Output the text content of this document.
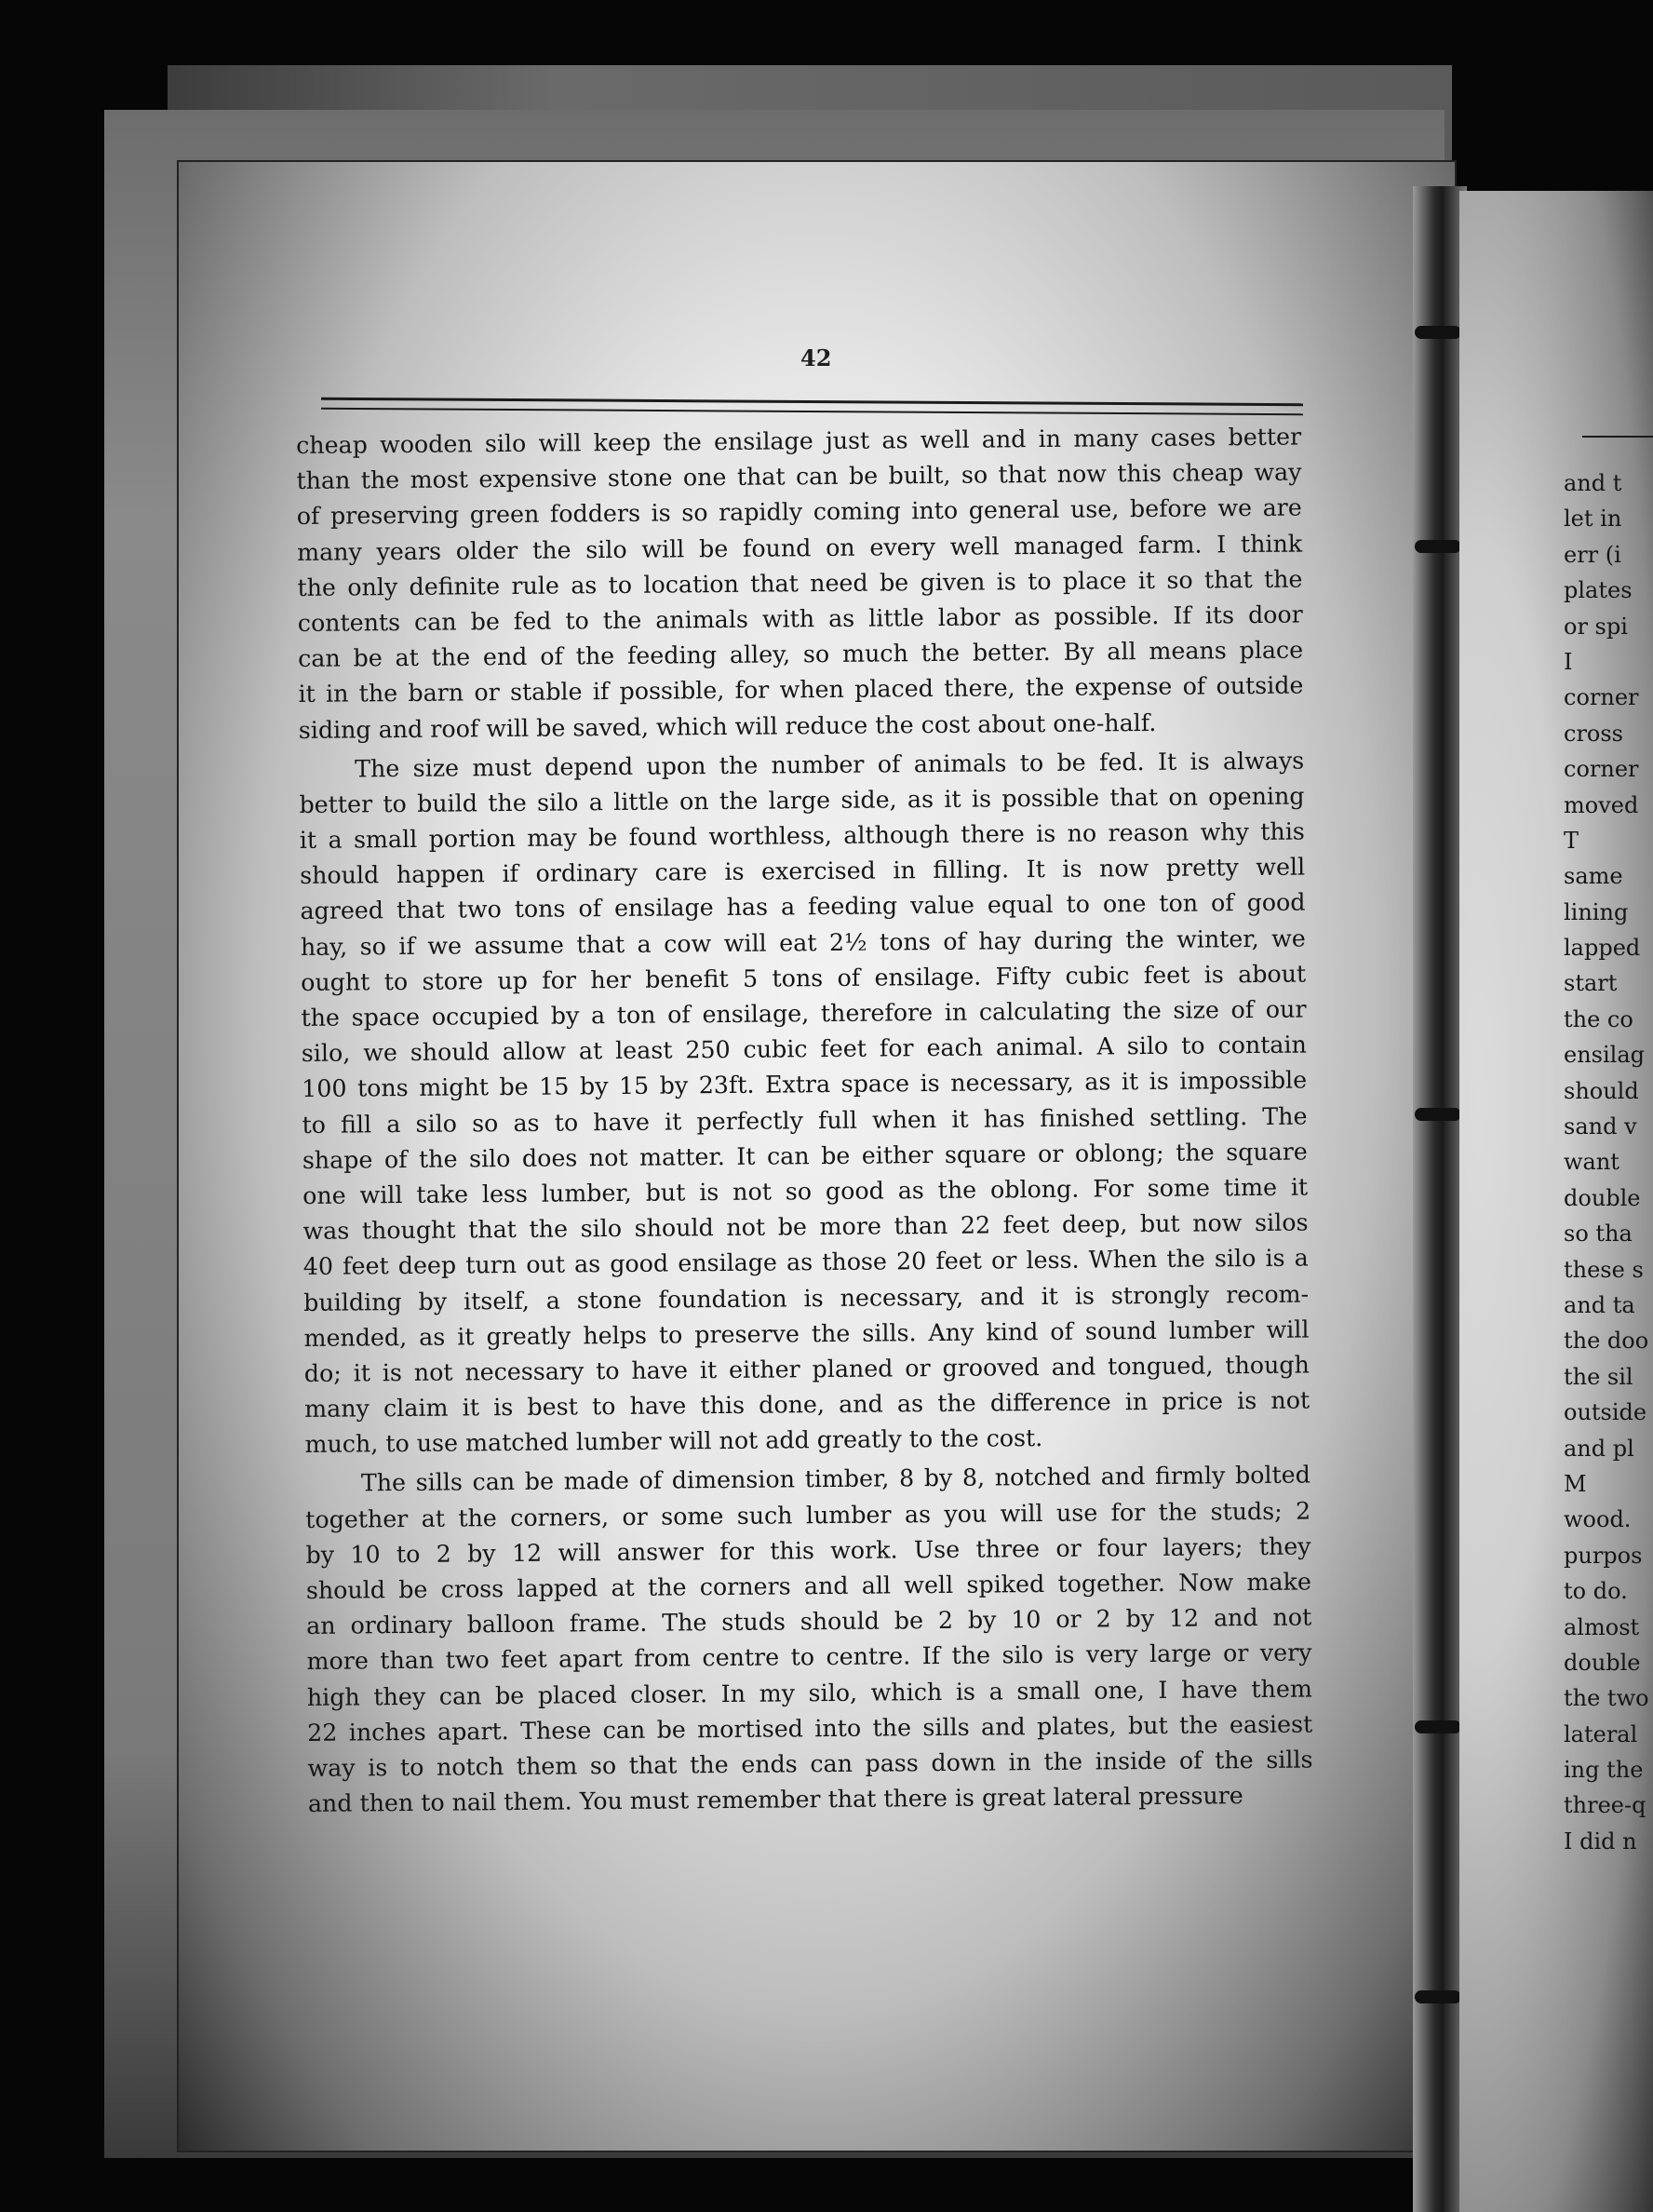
42

cheap wooden silo will keep the ensilage just as well and in many cases better
than the most expensive stone one that can be built, so that now this cheap way
of preserving green fodders is so rapidly coming into general use, before we are
many years older the silo will be found on every well managed farm. I think
the only definite rule as to location that need be given is to place it so that the
contents can be fed to the animals with as little labor as possible. If its door
can be at the end of the feeding alley, so much the better. By all means place
it in the barn or stable if possible, for when placed there, the expense of outside
siding and roof will be saved, which will reduce the cost about one-half.

The size must depend upon the number of animals to be fed. It is always
better to build the silo a little on the large side, as it is possible that on opening
it a small portion may be found worthless, although there is no reason why this
should happen if ordinary care is exercised in filling. It is now pretty well
agreed that two tons of ensilage has a feeding value equal to one ton of good
hay, so if we assume that a cow will eat 2½ tons of hay during the winter, we
ought to store up for her benefit 5 tons of ensilage. Fifty cubic feet is about
the space occupied by a ton of ensilage, therefore in calculating the size of our
silo, we should allow at least 250 cubic feet for each animal. A silo to contain
100 tons might be 15 by 15 by 23ft. Extra space is necessary, as it is impossible
to fill a silo so as to have it perfectly full when it has finished settling. The
shape of the silo does not matter. It can be either square or oblong; the square
one will take less lumber, but is not so good as the oblong. For some time it
was thought that the silo should not be more than 22 feet deep, but now silos
40 feet deep turn out as good ensilage as those 20 feet or less. When the silo is a
building by itself, a stone foundation is necessary, and it is strongly recom-
mended, as it greatly helps to preserve the sills. Any kind of sound lumber will
do; it is not necessary to have it either planed or grooved and tongued, though
many claim it is best to have this done, and as the difference in price is not
much, to use matched lumber will not add greatly to the cost.

The sills can be made of dimension timber, 8 by 8, notched and firmly bolted
together at the corners, or some such lumber as you will use for the studs; 2
by 10 to 2 by 12 will answer for this work. Use three or four layers; they
should be cross lapped at the corners and all well spiked together. Now make
an ordinary balloon frame. The studs should be 2 by 10 or 2 by 12 and not
more than two feet apart from centre to centre. If the silo is very large or very
high they can be placed closer. In my silo, which is a small one, I have them
22 inches apart. These can be mortised into the sills and plates, but the easiest
way is to notch them so that the ends can pass down in the inside of the sills
and then to nail them. You must remember that there is great lateral pressure

and t
let in
err (i
plates
or spi
I
corner
cross
corner
moved
T
same
lining
lapped
start
the co
ensilag
should
sand v
want
double
so tha
these s
and ta
the doo
the sil
outside
and pl
M
wood.
purpos
to do.
almost
double
the two
lateral
ing the
three-q
I did n
